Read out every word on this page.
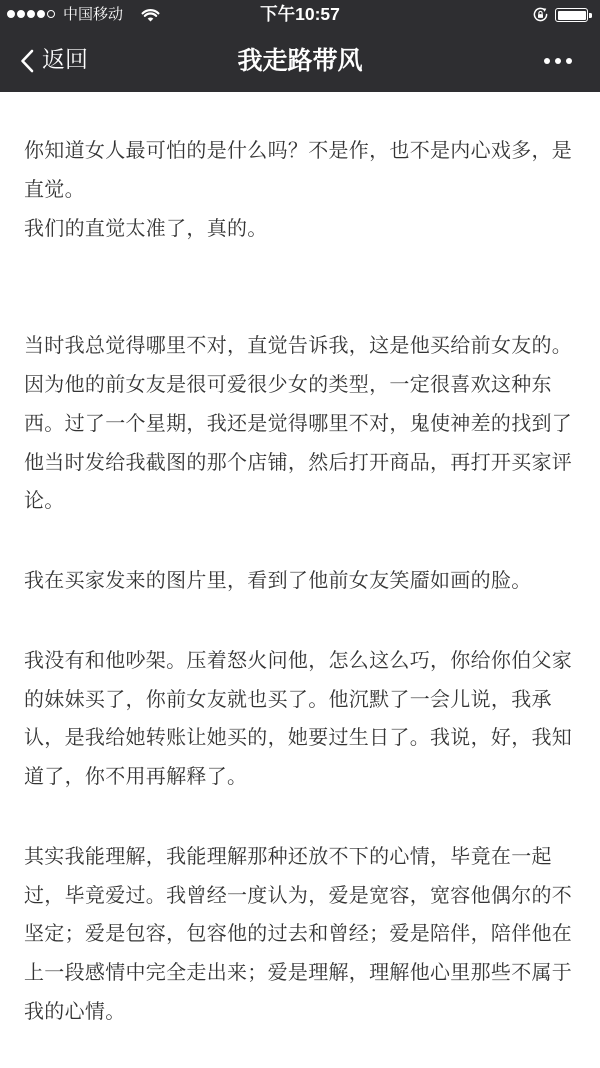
中国移动	下午10:57
返回	我走路带风
你知道女人最可怕的是什么吗？不是作，也不是内心戏多，是
直觉。
我们的直觉太准了，真的。
当时我总觉得哪里不对，直觉告诉我，这是他买给前女友的。
因为他的前女友是很可爱很少女的类型，一定很喜欢这种东
西。过了一个星期，我还是觉得哪里不对，鬼使神差的找到了
他当时发给我截图的那个店铺，然后打开商品，再打开买家评
论。
我在买家发来的图片里，看到了他前女友笑靥如画的脸。
我没有和他吵架。压着怒火问他，怎么这么巧，你给你伯父家
的妹妹买了，你前女友就也买了。他沉默了一会儿说，我承
认，是我给她转账让她买的，她要过生日了。我说，好，我知
道了，你不用再解释了。
其实我能理解，我能理解那种还放不下的心情，毕竟在一起
过，毕竟爱过。我曾经一度认为，爱是宽容，宽容他偶尔的不
坚定；爱是包容，包容他的过去和曾经；爱是陪伴，陪伴他在
上一段感情中完全走出来；爱是理解，理解他心里那些不属于
我的心情。
